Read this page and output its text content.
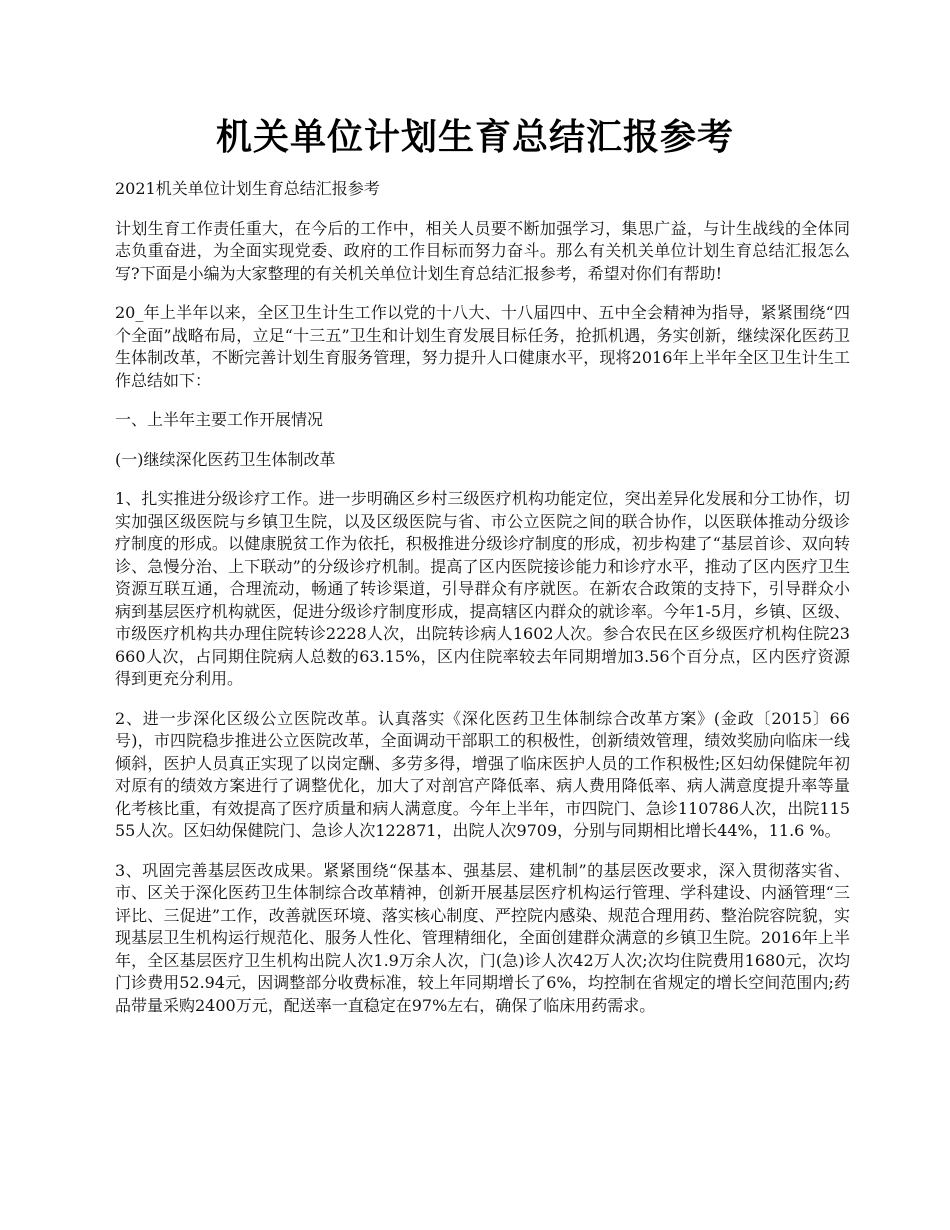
机关单位计划生育总结汇报参考

2021机关单位计划生育总结汇报参考

计划生育工作责任重大，在今后的工作中，相关人员要不断加强学习，集思广益，与计生战线的全体同志负重奋进，为全面实现党委、政府的工作目标而努力奋斗。那么有关机关单位计划生育总结汇报怎么写?下面是小编为大家整理的有关机关单位计划生育总结汇报参考，希望对你们有帮助!

20_年上半年以来，全区卫生计生工作以党的十八大、十八届四中、五中全会精神为指导，紧紧围绕“四个全面”战略布局，立足“十三五”卫生和计划生育发展目标任务，抢抓机遇，务实创新，继续深化医药卫生体制改革，不断完善计划生育服务管理，努力提升人口健康水平，现将2016年上半年全区卫生计生工作总结如下：

一、上半年主要工作开展情况

(一)继续深化医药卫生体制改革

1、扎实推进分级诊疗工作。进一步明确区乡村三级医疗机构功能定位，突出差异化发展和分工协作，切实加强区级医院与乡镇卫生院，以及区级医院与省、市公立医院之间的联合协作，以医联体推动分级诊疗制度的形成。以健康脱贫工作为依托，积极推进分级诊疗制度的形成，初步构建了“基层首诊、双向转诊、急慢分治、上下联动”的分级诊疗机制。提高了区内医院接诊能力和诊疗水平，推动了区内医疗卫生资源互联互通，合理流动，畅通了转诊渠道，引导群众有序就医。在新农合政策的支持下，引导群众小病到基层医疗机构就医，促进分级诊疗制度形成，提高辖区内群众的就诊率。今年1-5月，乡镇、区级、市级医疗机构共办理住院转诊2228人次，出院转诊病人1602人次。参合农民在区乡级医疗机构住院23660人次，占同期住院病人总数的63.15%，区内住院率较去年同期增加3.56个百分点，区内医疗资源得到更充分利用。

2、进一步深化区级公立医院改革。认真落实《深化医药卫生体制综合改革方案》(金政〔2015〕66号)，市四院稳步推进公立医院改革，全面调动干部职工的积极性，创新绩效管理，绩效奖励向临床一线倾斜，医护人员真正实现了以岗定酬、多劳多得，增强了临床医护人员的工作积极性;区妇幼保健院年初对原有的绩效方案进行了调整优化，加大了对剖宫产降低率、病人费用降低率、病人满意度提升率等量化考核比重，有效提高了医疗质量和病人满意度。今年上半年，市四院门、急诊110786人次，出院11555人次。区妇幼保健院门、急诊人次122871，出院人次9709，分别与同期相比增长44%，11.6 %。

3、巩固完善基层医改成果。紧紧围绕“保基本、强基层、建机制”的基层医改要求，深入贯彻落实省、市、区关于深化医药卫生体制综合改革精神，创新开展基层医疗机构运行管理、学科建设、内涵管理“三评比、三促进”工作，改善就医环境、落实核心制度、严控院内感染、规范合理用药、整治院容院貌，实现基层卫生机构运行规范化、服务人性化、管理精细化，全面创建群众满意的乡镇卫生院。2016年上半年，全区基层医疗卫生机构出院人次1.9万余人次，门(急)诊人次42万人次;次均住院费用1680元，次均门诊费用52.94元，因调整部分收费标准，较上年同期增长了6%，均控制在省规定的增长空间范围内;药品带量采购2400万元，配送率一直稳定在97%左右，确保了临床用药需求。
